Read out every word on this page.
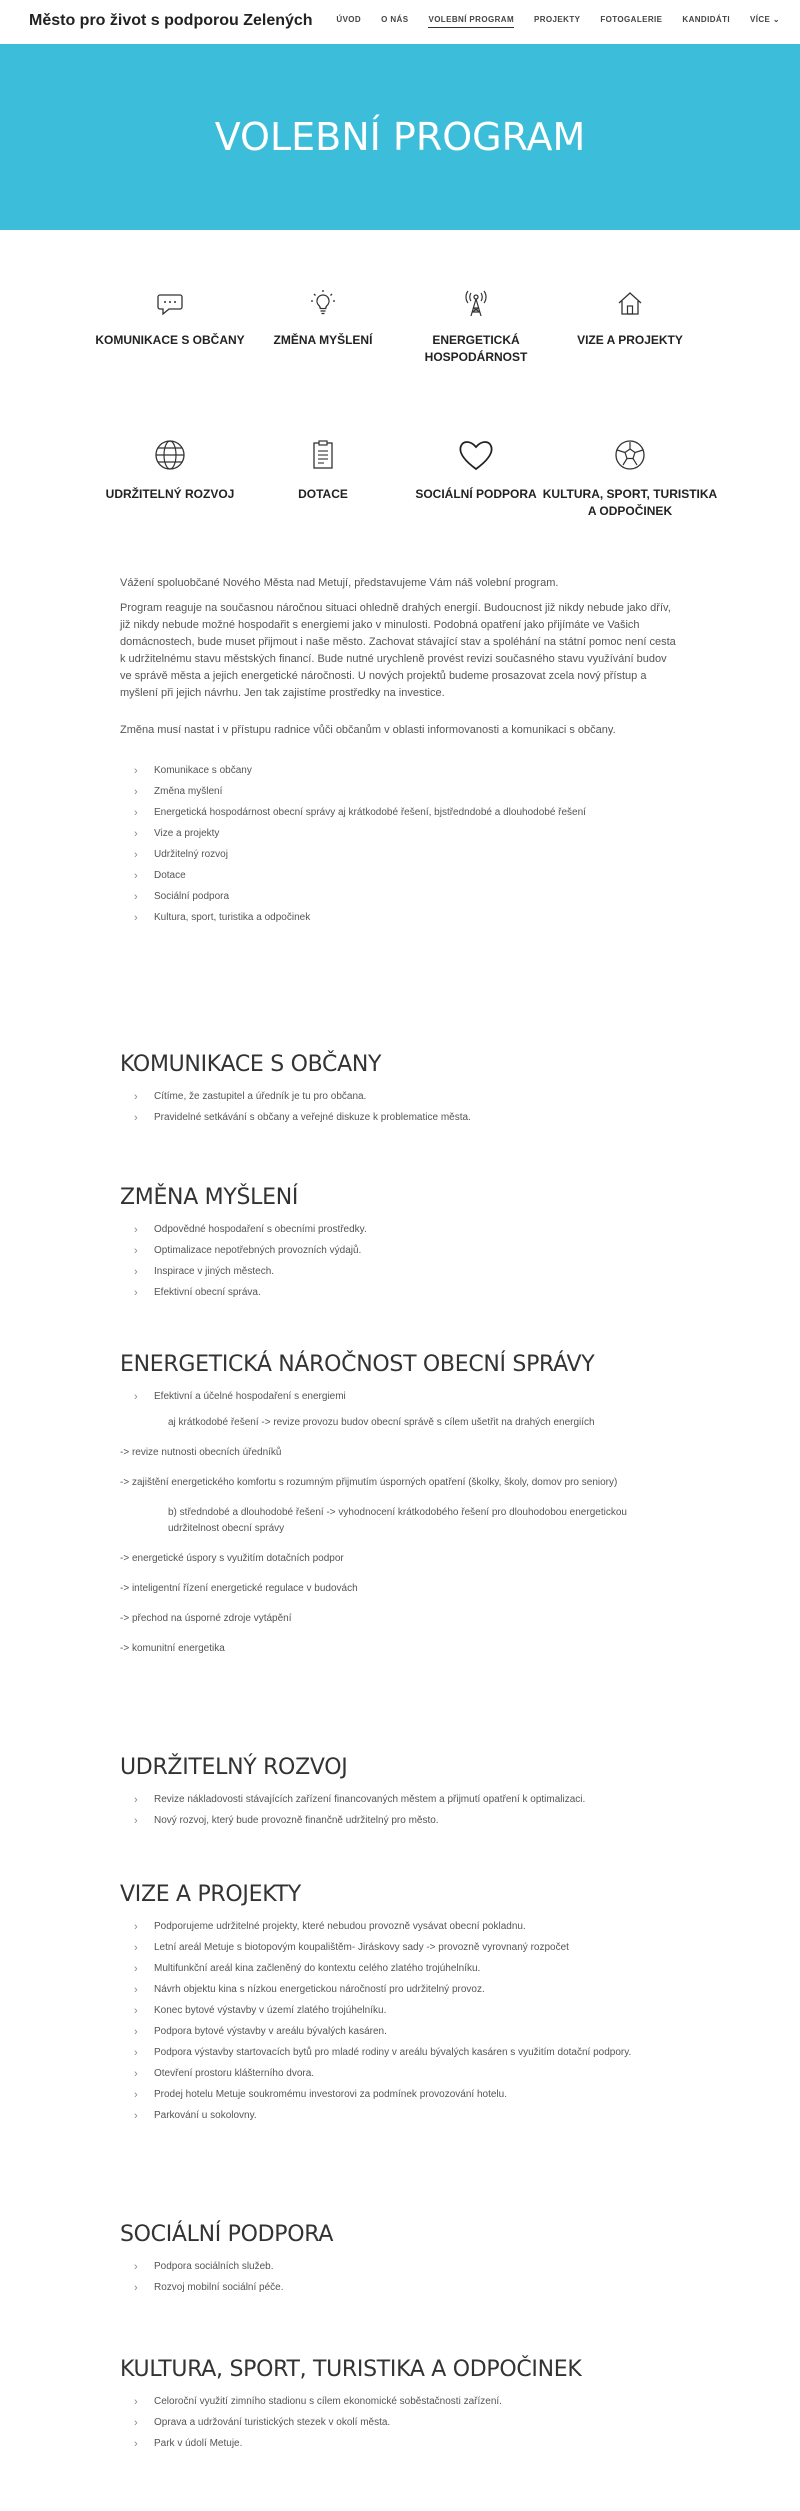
Město pro život s podporou Zelených	ÚVOD	O NÁS	VOLEBNÍ PROGRAM	PROJEKTY	FOTOGALERIE	KANDIDÁTI	VÍCE ⌄
VOLEBNÍ PROGRAM
KOMUNIKACE S OBČANY	ZMĚNA MYŠLENÍ	ENERGETICKÁ HOSPODÁRNOST
VIZE A PROJEKTY
UDRŽITELNÝ ROZVOJ	DOTACE	SOCIÁLNÍ PODPORA KULTURA, SPORT, TURISTIKA A ODPOČINEK

Vážení spoluobčané Nového Města nad Metují, představujeme Vám náš volební program.

Program reaguje na současnou náročnou situaci ohledně drahých energií. Budoucnost již nikdy nebude jako dřív, již nikdy nebude možné hospodařit s energiemi jako v minulosti. Podobná opatření jako přijímáte ve Vašich domácnostech, bude muset přijmout i naše město. Zachovat stávající stav a spoléhání na státní pomoc není cesta k udržitelnému stavu městských financí. Bude nutné urychleně provést revizi současného stavu využívání budov ve správě města a jejich energetické náročnosti. U nových projektů budeme prosazovat zcela nový přístup a myšlení při jejich návrhu. Jen tak zajistíme prostředky na investice.

Změna musí nastat i v přístupu radnice vůči občanům v oblasti informovanosti a komunikaci s občany.

› Komunikace s občany
› Změna myšlení
› Energetická hospodárnost obecní správy aj krátkodobé řešení, bjstředndobé a dlouhodobé řešení
› Vize a projekty
› Udržitelný rozvoj
› Dotace
› Sociální podpora
› Kultura, sport, turistika a odpočinek
KOMUNIKACE S OBČANY
› Cítíme, že zastupitel a úředník je tu pro občana.
› Pravidelné setkávání s občany a veřejné diskuze k problematice města.
ZMĚNA MYŠLENÍ
› Odpovědné hospodaření s obecními prostředky.
› Optimalizace nepotřebných provozních výdajů.
› Inspirace v jiných městech.
› Efektivní obecní správa.
ENERGETICKÁ NÁROČNOST OBECNÍ SPRÁVY
› Efektivní a účelné hospodaření s energiemi

aj krátkodobé řešení -> revize provozu budov obecní správě s cílem ušetřit na drahých energiích

-> revize nutnosti obecních úředníků

-> zajištění energetického komfortu s rozumným přijmutím úsporných opatření (školky, školy, domov pro seniory)

b) středndobé a dlouhodobé řešení -> vyhodnocení krátkodobého řešení pro dlouhodobou energetickou udržitelnost obecní správy

-> energetické úspory s využitím dotačních podpor

-> inteligentní řízení energetické regulace v budovách

-> přechod na úsporné zdroje vytápění

-> komunitní energetika

UDRŽITELNÝ ROZVOJ
› Revize nákladovosti stávajících zařízení financovaných městem a přijmutí opatření k optimalizaci.
› Nový rozvoj, který bude provozně finančně udržitelný pro město.
VIZE A PROJEKTY
› Podporujeme udržitelné projekty, které nebudou provozně vysávat obecní pokladnu.
› Letní areál Metuje s biotopovým koupalištěm- Jiráskovy sady -> provozně vyrovnaný rozpočet
› Multifunkční areál kina začleněný do kontextu celého zlatého trojúhelníku.
› Návrh objektu kina s nízkou energetickou náročností pro udržitelný provoz.
› Konec bytové výstavby v území zlatého trojúhelníku.
› Podpora bytové výstavby v areálu bývalých kasáren.
› Podpora výstavby startovacích bytů pro mladé rodiny v areálu bývalých kasáren s využitím dotační podpory.
› Otevření prostoru klášterního dvora.
› Prodej hotelu Metuje soukromému investorovi za podmínek provozování hotelu.
› Parkování u sokolovny.
SOCIÁLNÍ PODPORA
› Podpora sociálních služeb.
› Rozvoj mobilní sociální péče.
KULTURA, SPORT, TURISTIKA A ODPOČINEK
› Celoroční využití zimního stadionu s cílem ekonomické soběstačnosti zařízení.
› Oprava a udržování turistických stezek v okolí města.
› Park v údolí Metuje.
